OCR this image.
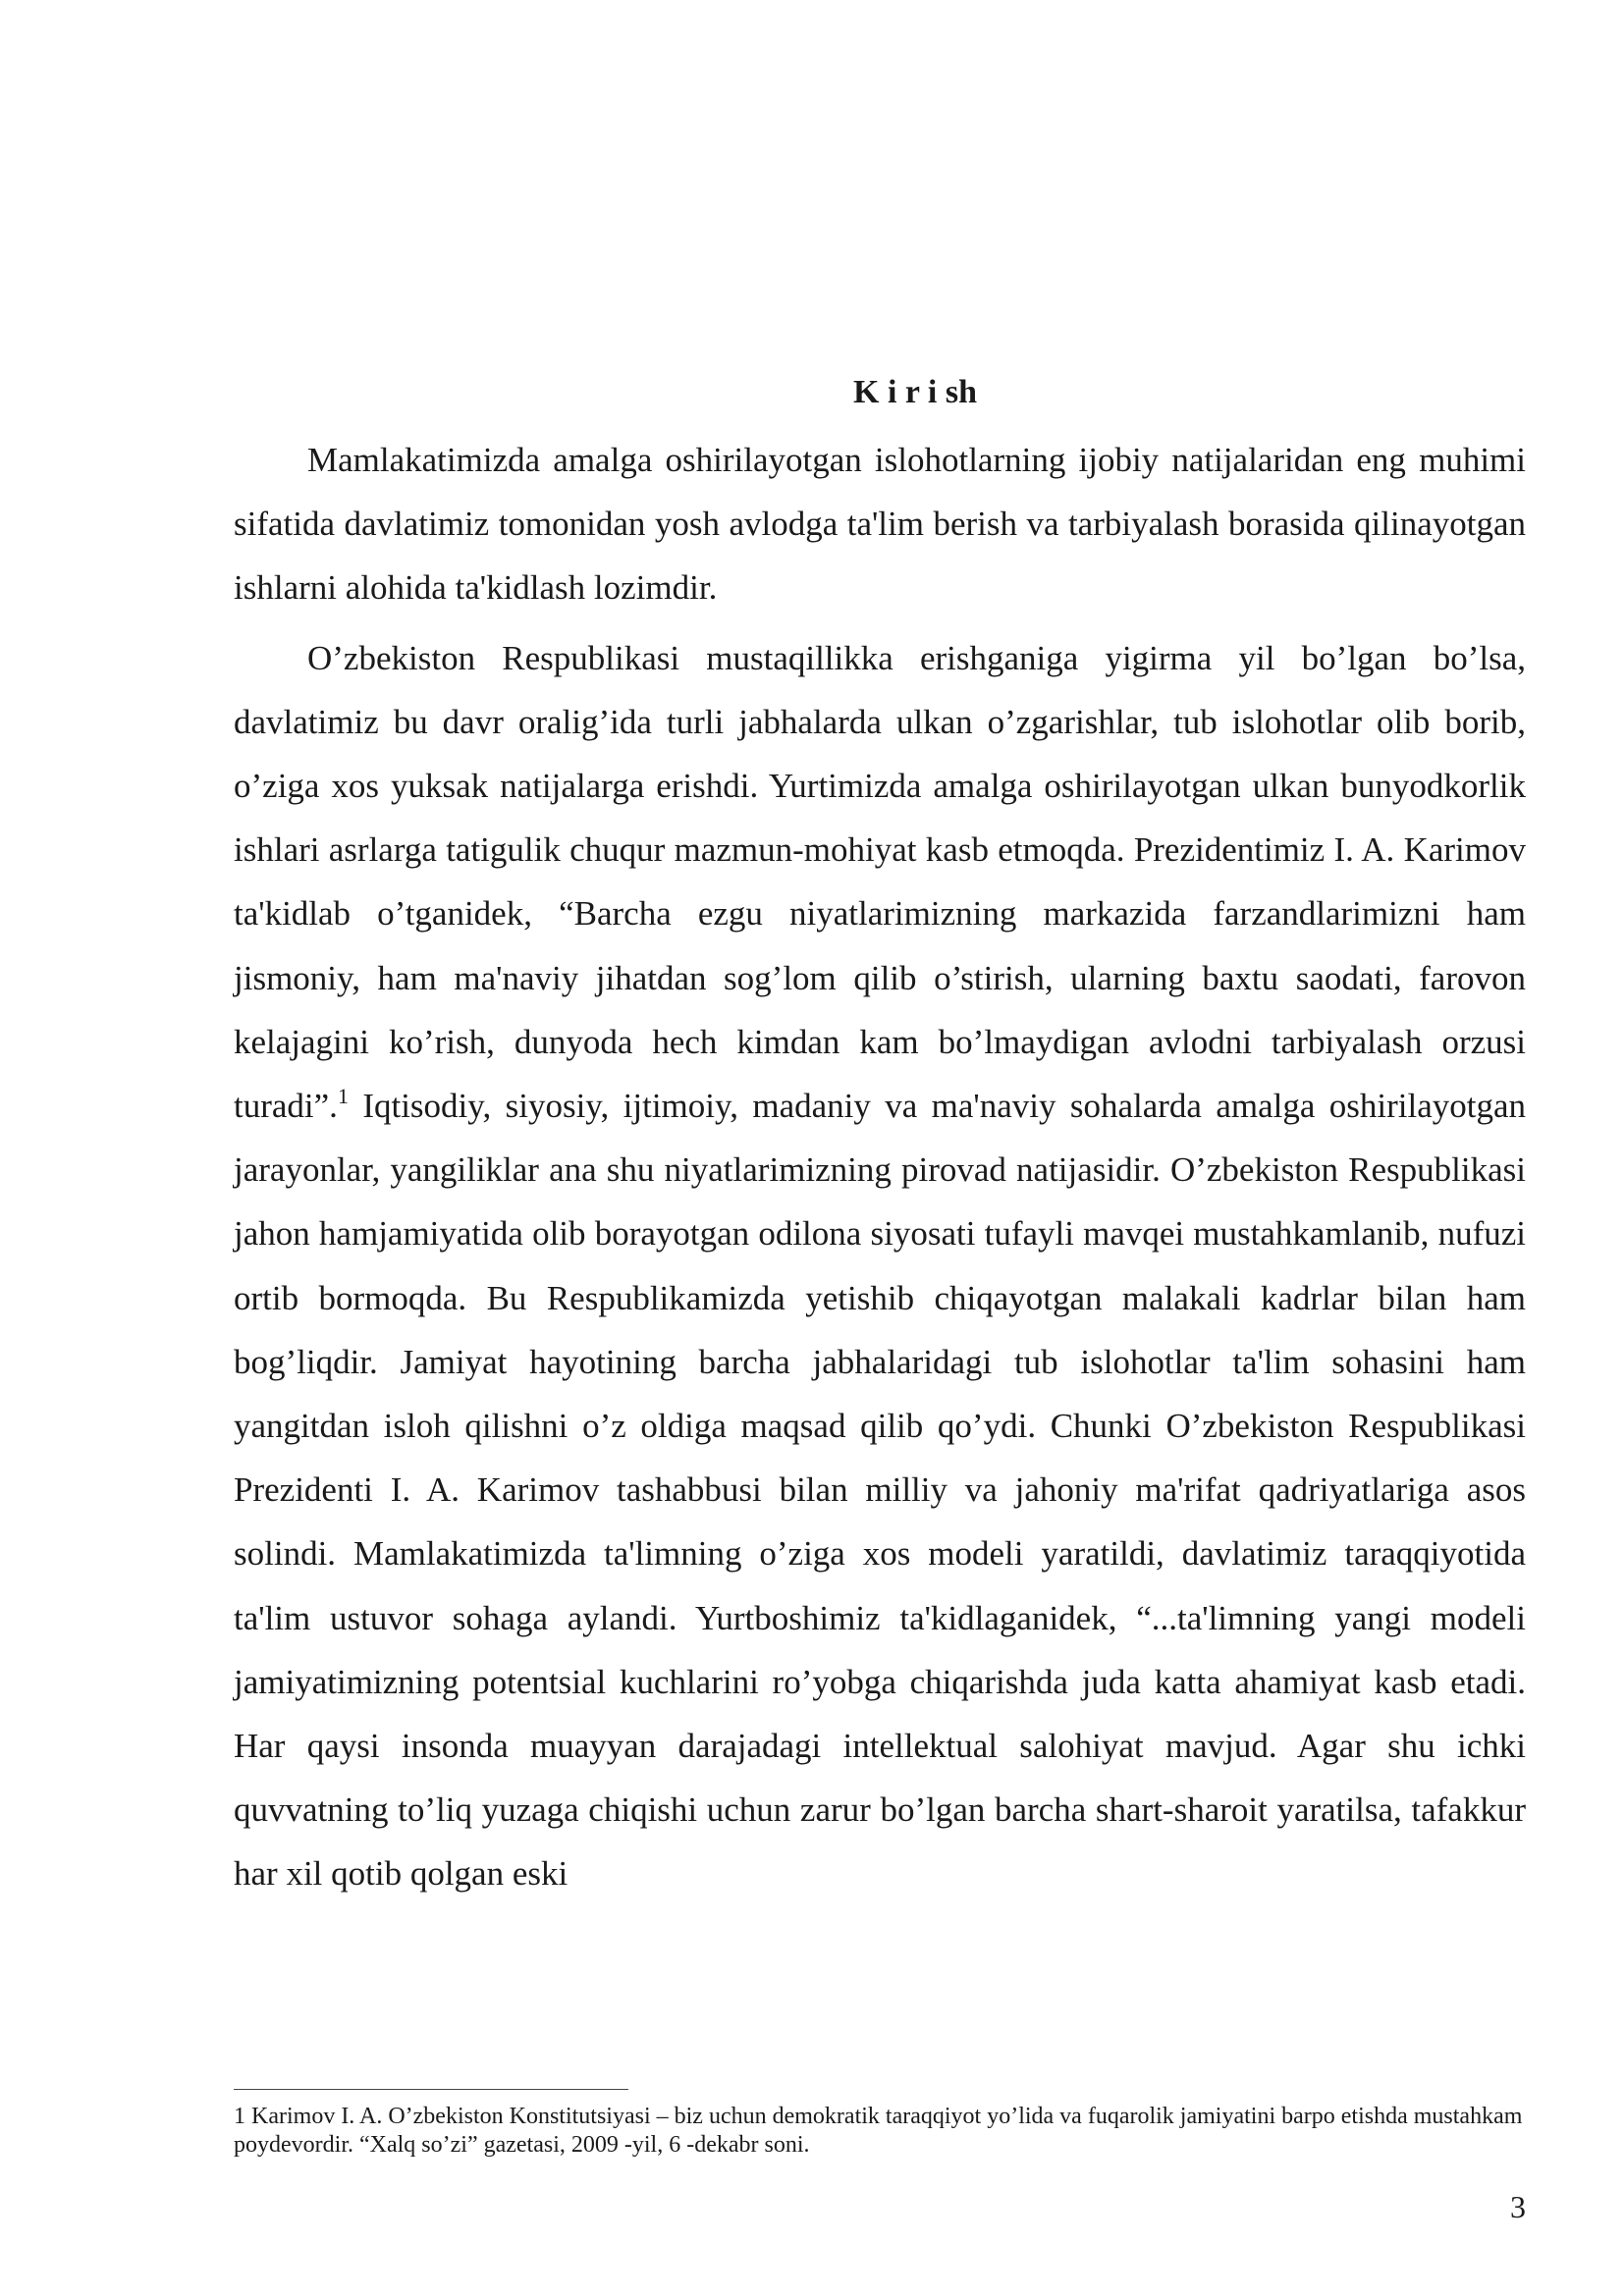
K i r i sh

Mamlakatimizda amalga oshirilayotgan islohotlarning ijobiy natijalaridan eng muhimi sifatida davlatimiz tomonidan yosh avlodga ta'lim berish va tarbiyalash borasida qilinayotgan ishlarni alohida ta'kidlash lozimdir.

O’zbekiston Respublikasi mustaqillikka erishganiga yigirma yil bo’lgan bo’lsa, davlatimiz bu davr oralig’ida turli jabhalarda ulkan o’zgarishlar, tub islohotlar olib borib, o’ziga xos yuksak natijalarga erishdi. Yurtimizda amalga oshirilayotgan ulkan bunyodkorlik ishlari asrlarga tatigulik chuqur mazmun-mohiyat kasb etmoqda. Prezidentimiz I. A. Karimov ta'kidlab o’tganidek, “Barcha ezgu niyatlarimizning markazida farzandlarimizni ham jismoniy, ham ma'naviy jihatdan sog’lom qilib o’stirish, ularning baxtu saodati, farovon kelajagini ko’rish, dunyoda hech kimdan kam bo’lmaydigan avlodni tarbiyalash orzusi turadi”.$^1$ Iqtisodiy, siyosiy, ijtimoiy, madaniy va ma'naviy sohalarda amalga oshirilayotgan jarayonlar, yangiliklar ana shu niyatlarimizning pirovad natijasidir. O’zbekiston Respublikasi jahon hamjamiyatida olib borayotgan odilona siyosati tufayli mavqei mustahkamlanib, nufuzi ortib bormoqda. Bu Respublikamizda yetishib chiqayotgan malakali kadrlar bilan ham bog’liqdir. Jamiyat hayotining barcha jabhalaridagi tub islohotlar ta'lim sohasini ham yangitdan isloh qilishni o’z oldiga maqsad qilib qo’ydi. Chunki O’zbekiston Respublikasi Prezidenti I. A. Karimov tashabbusi bilan milliy va jahoniy ma'rifat qadriyatlariga asos solindi. Mamlakatimizda ta'limning o’ziga xos modeli yaratildi, davlatimiz taraqqiyotida ta'lim ustuvor sohaga aylandi. Yurtboshimiz ta'kidlaganidek, “...ta'limning yangi modeli jamiyatimizning potentsial kuchlarini ro’yobga chiqarishda juda katta ahamiyat kasb etadi. Har qaysi insonda muayyan darajadagi intellektual salohiyat mavjud. Agar shu ichki quvvatning to’liq yuzaga chiqishi uchun zarur bo’lgan barcha shart-sharoit yaratilsa, tafakkur har xil qotib qolgan eski

1 Karimov I. A. O’zbekiston Konstitutsiyasi – biz uchun demokratik taraqqiyot yo’lida va fuqarolik jamiyatini barpo etishda mustahkam poydevordir. “Xalq so’zi” gazetasi, 2009 -yil, 6 -dekabr soni.
3
